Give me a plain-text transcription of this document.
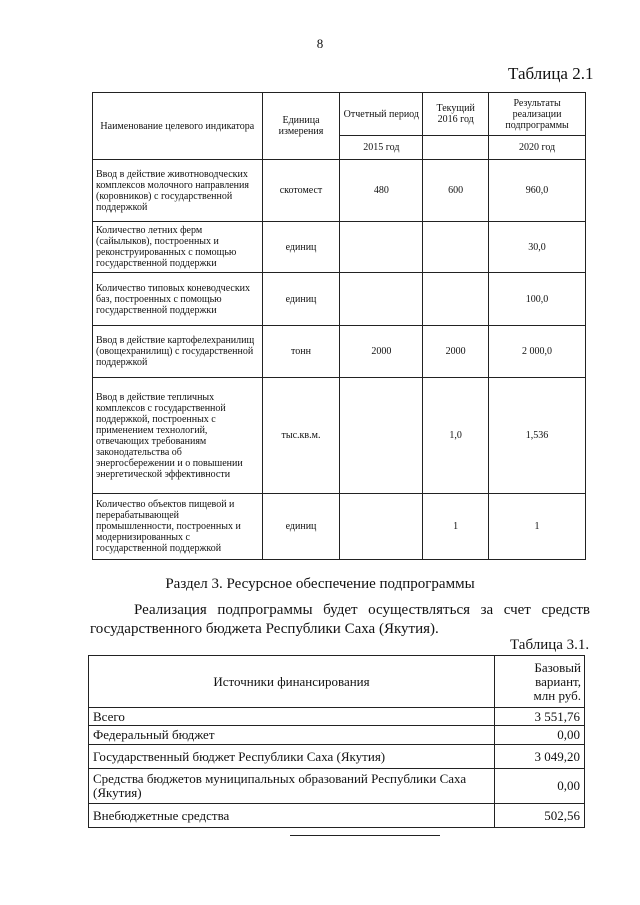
8
Таблица 2.1
Наименование целевого индикатора	Единица измерения	Отчетный период	Текущий 2016 год	Результаты реализации подпрограммы
		2015 год		2020 год
Ввод в действие животноводческих комплексов молочного направления (коровников) с государственной поддержкой	скотомест	480	600	960,0
Количество летних ферм (сайылыков), построенных и реконструированных с помощью государственной поддержки	единиц			30,0
Количество типовых коневодческих баз, построенных с помощью государственной поддержки	единиц			100,0
Ввод в действие картофелехранилищ (овощехранилищ) с государственной поддержкой	тонн	2000	2000	2 000,0
Ввод в действие тепличных комплексов с государственной поддержкой, построенных с применением технологий, отвечающих требованиям законодательства об энергосбережении и о повышении энергетической эффективности	тыс.кв.м.		1,0	1,536
Количество объектов пищевой и перерабатывающей промышленности, построенных и модернизированных с государственной поддержкой	единиц		1	1
Раздел 3. Ресурсное обеспечение подпрограммы
Реализация подпрограммы будет осуществляться за счет средств
государственного бюджета Республики Саха (Якутия).
Таблица 3.1.
Источники финансирования	Базовый вариант, млн руб.

Всего	3 551,76
Федеральный бюджет	0,00
Государственный бюджет Республики Саха (Якутия)	3 049,20
Средства бюджетов муниципальных образований Республики Саха (Якутия)	0,00
Внебюджетные средства	502,56
